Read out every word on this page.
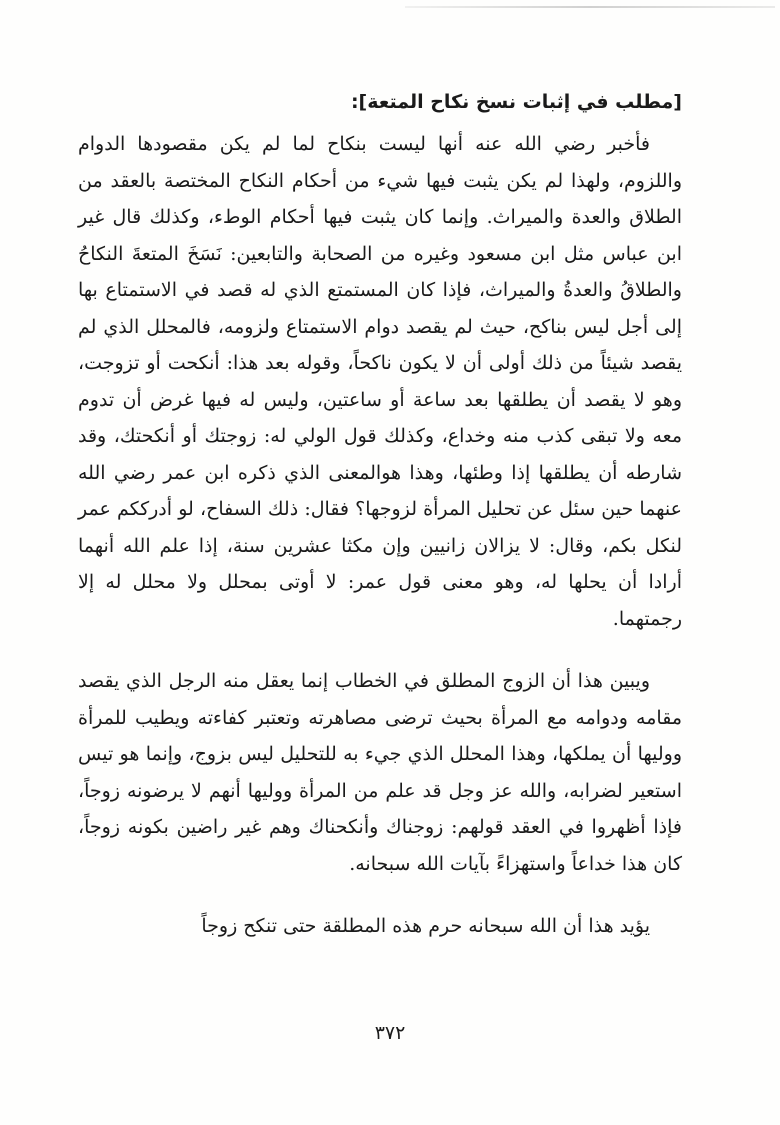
[مطلب في إثبات نسخ نكاح المتعة]:

فأخبر رضي الله عنه أنها ليست بنكاح لما لم يكن مقصودها الدوام واللزوم، ولهذا لم يكن يثبت فيها شيء من أحكام النكاح المختصة بالعقد من الطلاق والعدة والميراث. وإنما كان يثبت فيها أحكام الوطء، وكذلك قال غير ابن عباس مثل ابن مسعود وغيره من الصحابة والتابعين: نَسَخَ المتعةَ النكاحُ والطلاقُ والعدةُ والميراث، فإذا كان المستمتع الذي له قصد في الاستمتاع بها إلى أجل ليس بناكح، حيث لم يقصد دوام الاستمتاع ولزومه، فالمحلل الذي لم يقصد شيئاً من ذلك أولى أن لا يكون ناكحاً، وقوله بعد هذا: أنكحت أو تزوجت، وهو لا يقصد أن يطلقها بعد ساعة أو ساعتين، وليس له فيها غرض أن تدوم معه ولا تبقى كذب منه وخداع، وكذلك قول الولي له: زوجتك أو أنكحتك، وقد شارطه أن يطلقها إذا وطئها، وهذا هوالمعنى الذي ذكره ابن عمر رضي الله عنهما حين سئل عن تحليل المرأة لزوجها؟ فقال: ذلك السفاح، لو أدرككم عمر لنكل بكم، وقال: لا يزالان زانيين وإن مكثا عشرين سنة، إذا علم الله أنهما أرادا أن يحلها له، وهو معنى قول عمر: لا أوتى بمحلل ولا محلل له إلا رجمتهما.

ويبين هذا أن الزوج المطلق في الخطاب إنما يعقل منه الرجل الذي يقصد مقامه ودوامه مع المرأة بحيث ترضى مصاهرته وتعتبر كفاءته ويطيب للمرأة ووليها أن يملكها، وهذا المحلل الذي جيء به للتحليل ليس بزوج، وإنما هو تيس استعير لضرابه، والله عز وجل قد علم من المرأة ووليها أنهم لا يرضونه زوجاً، فإذا أظهروا في العقد قولهم: زوجناك وأنكحناك وهم غير راضين بكونه زوجاً، كان هذا خداعاً واستهزاءً بآيات الله سبحانه.

يؤيد هذا أن الله سبحانه حرم هذه المطلقة حتى تنكح زوجاً

٣٧٢
